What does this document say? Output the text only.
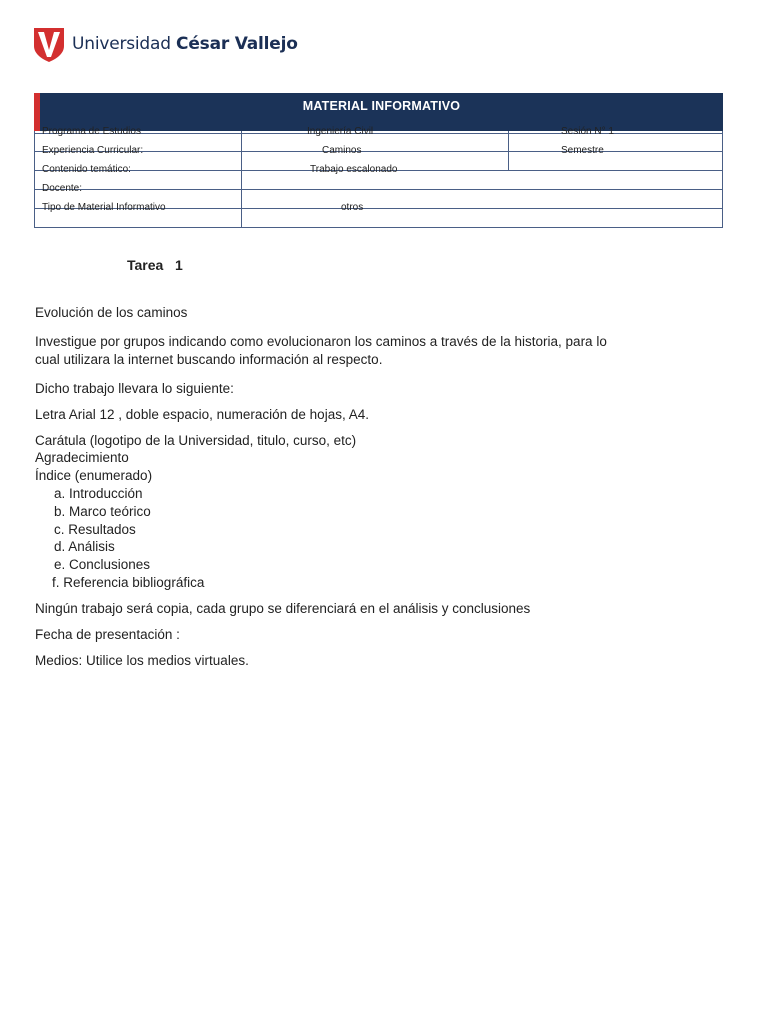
Universidad César Vallejo
MATERIAL INFORMATIVO
Programa de Estudios	Ingeniería Civil	Sesión N° 1
Experiencia Curricular:	Caminos	Semestre
Contenido temático:	Trabajo escalonado
Docente:
Tipo de Material Informativo	otros
Tarea   1
Evolución de los caminos
Investigue por grupos indicando como evolucionaron los caminos a través de la historia, para lo
cual utilizara la internet buscando información al respecto.
Dicho trabajo llevara lo siguiente:
Letra Arial 12 , doble espacio, numeración de hojas, A4.
Carátula (logotipo de la Universidad, titulo, curso, etc)
Agradecimiento
Índice (enumerado)
a. Introducción
b. Marco teórico
c. Resultados
d. Análisis
e. Conclusiones
f. Referencia bibliográfica
Ningún trabajo será copia, cada grupo se diferenciará en el análisis y conclusiones
Fecha de presentación :
Medios: Utilice los medios virtuales.
